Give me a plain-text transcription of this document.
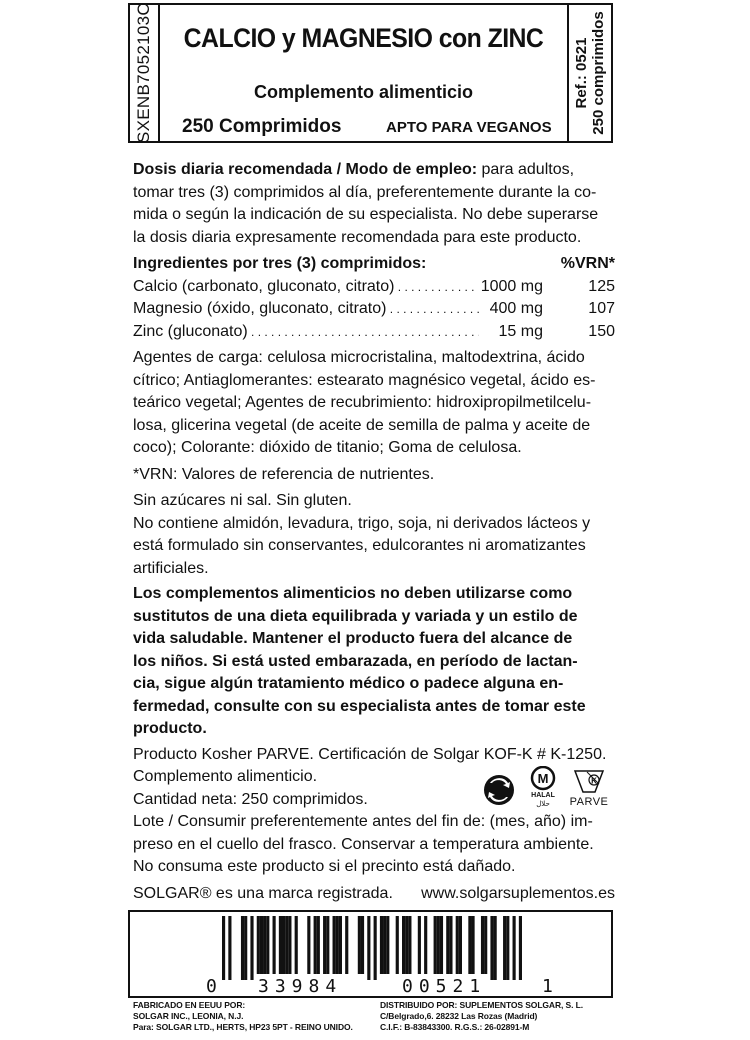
SXENB7052103C CALCIO y MAGNESIO con ZINC
Complemento alimenticio
250 Comprimidos	APTO PARA VEGANOS
Ref.: 0521 250 comprimidos

Dosis diaria recomendada / Modo de empleo: para adultos,

tomar tres (3) comprimidos al día, preferentemente durante la co-

mida o según la indicación de su especialista. No debe superarse

la dosis diaria expresamente recomendada para este producto.

Ingredientes por tres (3) comprimidos:	%VRN*
Calcio (carbonato, gluconato, citrato) . . .	1000 mg	125
Magnesio (óxido, gluconato, citrato) . . .	400 mg	107
Zinc (gluconato) . . .	15 mg	150

Agentes de carga: celulosa microcristalina, maltodextrina, ácido

cítrico; Antiaglomerantes: estearato magnésico vegetal, ácido es-

teárico vegetal; Agentes de recubrimiento: hidroxipropilmetilcelu-

losa, glicerina vegetal (de aceite de semilla de palma y aceite de

coco); Colorante: dióxido de titanio; Goma de celulosa.

*VRN: Valores de referencia de nutrientes.

Sin azúcares ni sal. Sin gluten.

No contiene almidón, levadura, trigo, soja, ni derivados lácteos y

está formulado sin conservantes, edulcorantes ni aromatizantes

artificiales.

Los complementos alimenticios no deben utilizarse como

sustitutos de una dieta equilibrada y variada y un estilo de

vida saludable. Mantener el producto fuera del alcance de

los niños. Si está usted embarazada, en período de lactan-

cia, sigue algún tratamiento médico o padece alguna en-

fermedad, consulte con su especialista antes de tomar este

producto.

Producto Kosher PARVE. Certificación de Solgar KOF-K # K-1250.

Complemento alimenticio.

Cantidad neta: 250 comprimidos.

Lote / Consumir preferentemente antes del fin de: (mes, año) im-

preso en el cuello del frasco. Conservar a temperatura ambiente.

No consuma este producto si el precinto está dañado.

SOLGAR® es una marca registrada. www.solgarsuplementos.es

M
HALAL
حلال
K
PARVE
0 33984	00521	1
FABRICADO EN EEUU POR:
SOLGAR INC., LEONIA, N.J.
Para: SOLGAR LTD., HERTS, HP23 5PT - REINO UNIDO.
DISTRIBUIDO POR: SUPLEMENTOS SOLGAR, S. L.
C/Belgrado,6. 28232 Las Rozas (Madrid)
C.I.F.: B-83843300. R.G.S.: 26-02891-M
